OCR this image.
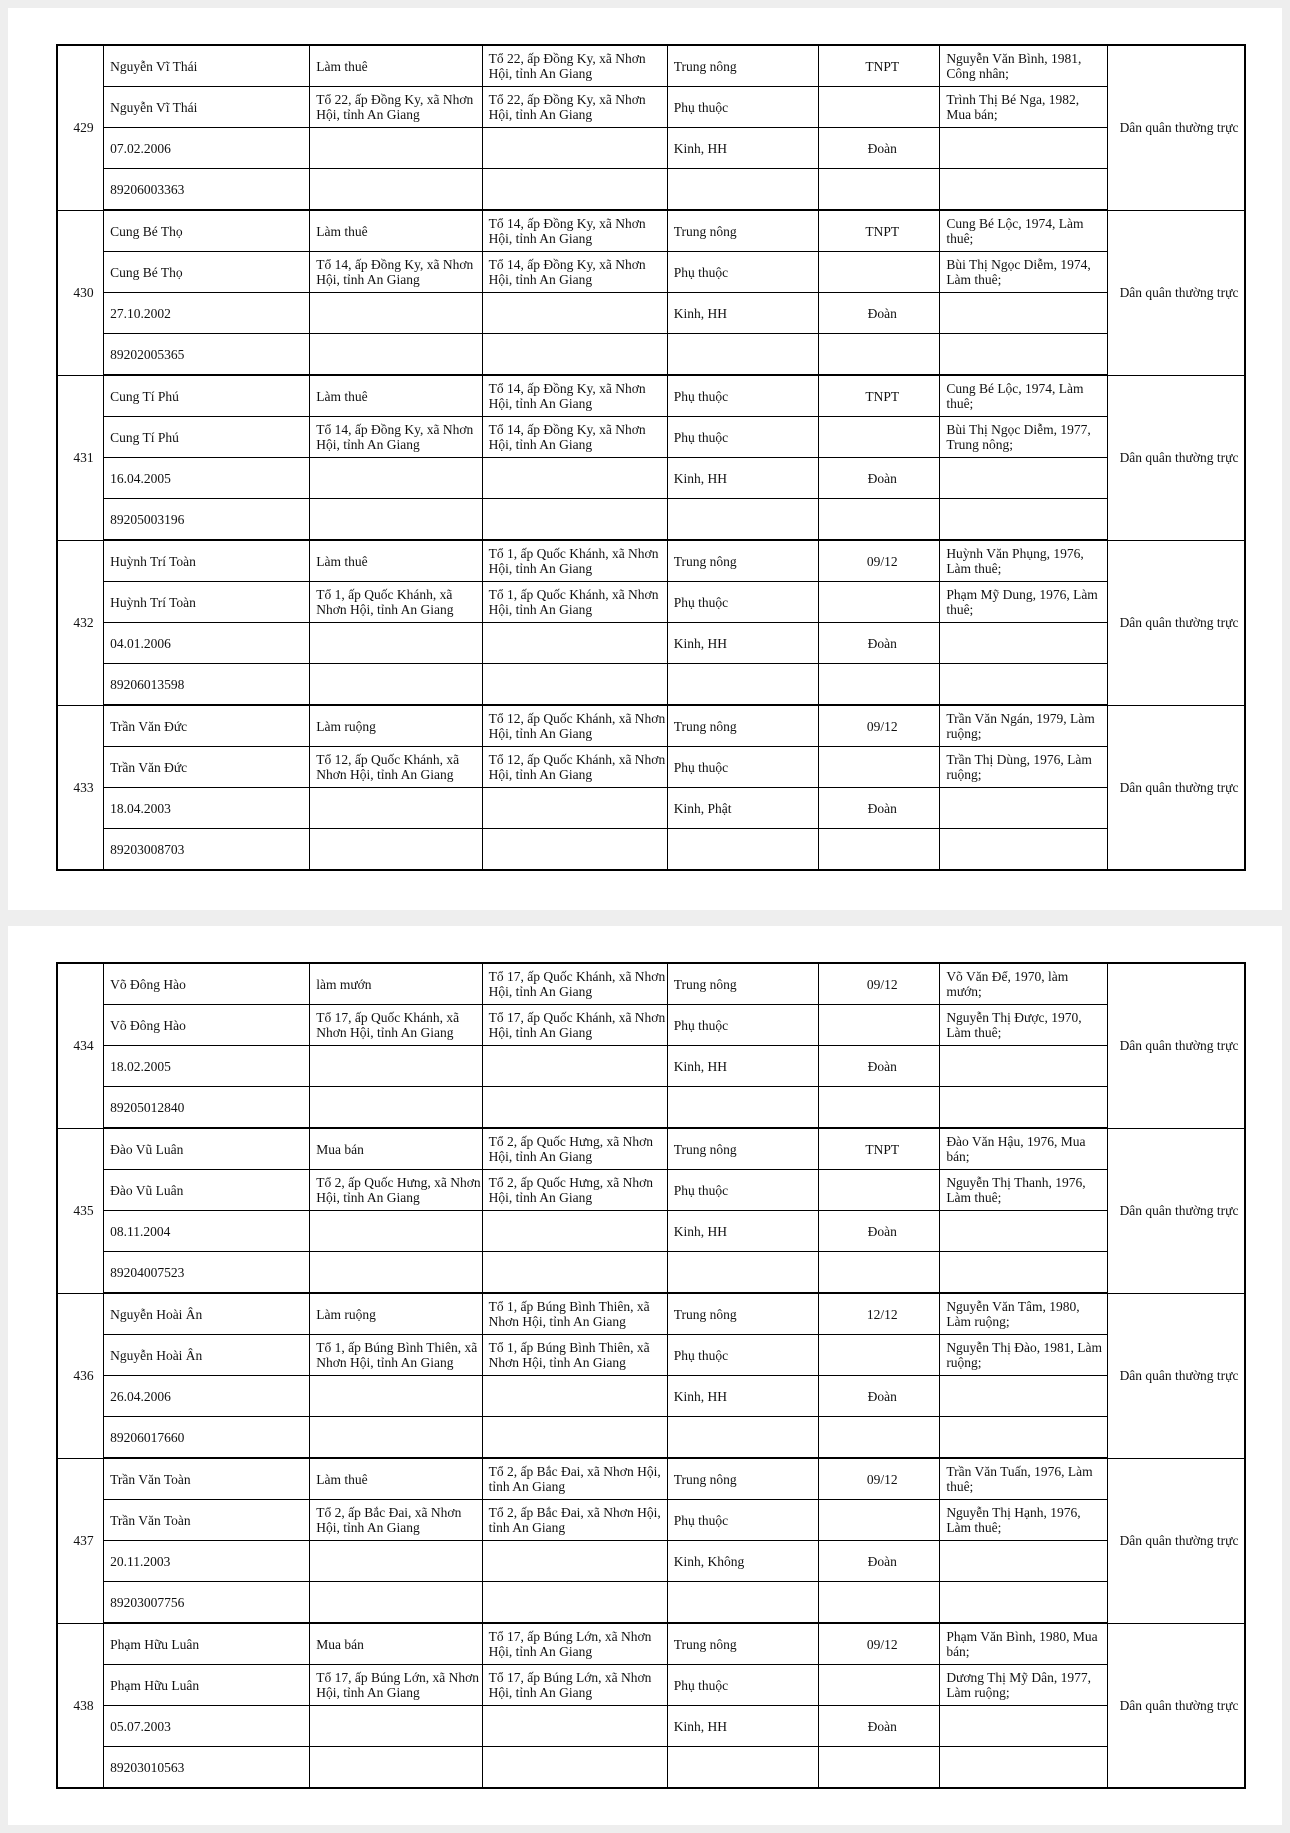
429	Nguyễn Vĩ Thái	Làm thuê	Tổ 22, ấp Đồng Ky, xã Nhơn Hội, tỉnh An Giang	Trung nông	TNPT	Nguyễn Văn Bình, 1981, Công nhân;	Dân quân thường trực
	Nguyễn Vĩ Thái	Tổ 22, ấp Đồng Ky, xã Nhơn Hội, tỉnh An Giang	Tổ 22, ấp Đồng Ky, xã Nhơn Hội, tỉnh An Giang	Phụ thuộc		Trình Thị Bé Nga, 1982, Mua bán;	
	07.02.2006			Kinh, HH	Đoàn		
	89206003363						
430	Cung Bé Thọ	Làm thuê	Tổ 14, ấp Đồng Ky, xã Nhơn Hội, tỉnh An Giang	Trung nông	TNPT	Cung Bé Lộc, 1974, Làm thuê;	Dân quân thường trực
	Cung Bé Thọ	Tổ 14, ấp Đồng Ky, xã Nhơn Hội, tỉnh An Giang	Tổ 14, ấp Đồng Ky, xã Nhơn Hội, tỉnh An Giang	Phụ thuộc		Bùi Thị Ngọc Diễm, 1974, Làm thuê;	
	27.10.2002			Kinh, HH	Đoàn		
	89202005365						
431	Cung Tí Phú	Làm thuê	Tổ 14, ấp Đồng Ky, xã Nhơn Hội, tỉnh An Giang	Phụ thuộc	TNPT	Cung Bé Lộc, 1974, Làm thuê;	Dân quân thường trực
	Cung Tí Phú	Tổ 14, ấp Đồng Ky, xã Nhơn Hội, tỉnh An Giang	Tổ 14, ấp Đồng Ky, xã Nhơn Hội, tỉnh An Giang	Phụ thuộc		Bùi Thị Ngọc Diễm, 1977, Trung nông;	
	16.04.2005			Kinh, HH	Đoàn		
	89205003196						
432	Huỳnh Trí Toàn	Làm thuê	Tổ 1, ấp Quốc Khánh, xã Nhơn Hội, tỉnh An Giang	Trung nông	09/12	Huỳnh Văn Phụng, 1976, Làm thuê;	Dân quân thường trực
	Huỳnh Trí Toàn	Tổ 1, ấp Quốc Khánh, xã Nhơn Hội, tỉnh An Giang	Tổ 1, ấp Quốc Khánh, xã Nhơn Hội, tỉnh An Giang	Phụ thuộc		Phạm Mỹ Dung, 1976, Làm thuê;	
	04.01.2006			Kinh, HH	Đoàn		
	89206013598						
433	Trần Văn Đức	Làm ruộng	Tổ 12, ấp Quốc Khánh, xã Nhơn Hội, tỉnh An Giang	Trung nông	09/12	Trần Văn Ngán, 1979, Làm ruộng;	Dân quân thường trực
	Trần Văn Đức	Tổ 12, ấp Quốc Khánh, xã Nhơn Hội, tỉnh An Giang	Tổ 12, ấp Quốc Khánh, xã Nhơn Hội, tỉnh An Giang	Phụ thuộc		Trần Thị Dùng, 1976, Làm ruộng;	
	18.04.2003			Kinh, Phật	Đoàn		
	89203008703						
434	Võ Đông Hào	làm mướn	Tổ 17, ấp Quốc Khánh, xã Nhơn Hội, tỉnh An Giang	Trung nông	09/12	Võ Văn Để, 1970, làm mướn;	Dân quân thường trực
	Võ Đông Hào	Tổ 17, ấp Quốc Khánh, xã Nhơn Hội, tỉnh An Giang	Tổ 17, ấp Quốc Khánh, xã Nhơn Hội, tỉnh An Giang	Phụ thuộc		Nguyễn Thị Được, 1970, Làm thuê;	
	18.02.2005			Kinh, HH	Đoàn		
	89205012840						
435	Đào Vũ Luân	Mua bán	Tổ 2, ấp Quốc Hưng, xã Nhơn Hội, tỉnh An Giang	Trung nông	TNPT	Đào Văn Hậu, 1976, Mua bán;	Dân quân thường trực
	Đào Vũ Luân	Tổ 2, ấp Quốc Hưng, xã Nhơn Hội, tỉnh An Giang	Tổ 2, ấp Quốc Hưng, xã Nhơn Hội, tỉnh An Giang	Phụ thuộc		Nguyễn Thị Thanh, 1976, Làm thuê;	
	08.11.2004			Kinh, HH	Đoàn		
	89204007523						
436	Nguyễn Hoài Ân	Làm ruộng	Tổ 1, ấp Búng Bình Thiên, xã Nhơn Hội, tỉnh An Giang	Trung nông	12/12	Nguyễn Văn Tâm, 1980, Làm ruộng;	Dân quân thường trực
	Nguyễn Hoài Ân	Tổ 1, ấp Búng Bình Thiên, xã Nhơn Hội, tỉnh An Giang	Tổ 1, ấp Búng Bình Thiên, xã Nhơn Hội, tỉnh An Giang	Phụ thuộc		Nguyễn Thị Đào, 1981, Làm ruộng;	
	26.04.2006			Kinh, HH	Đoàn		
	89206017660						
437	Trần Văn Toàn	Làm thuê	Tổ 2, ấp Bắc Đai, xã Nhơn Hội, tỉnh An Giang	Trung nông	09/12	Trần Văn Tuấn, 1976, Làm thuê;	Dân quân thường trực
	Trần Văn Toàn	Tổ 2, ấp Bắc Đai, xã Nhơn Hội, tỉnh An Giang	Tổ 2, ấp Bắc Đai, xã Nhơn Hội, tỉnh An Giang	Phụ thuộc		Nguyễn Thị Hạnh, 1976, Làm thuê;	
	20.11.2003			Kinh, Không	Đoàn		
	89203007756						
438	Phạm Hữu Luân	Mua bán	Tổ 17, ấp Búng Lớn, xã Nhơn Hội, tỉnh An Giang	Trung nông	09/12	Phạm Văn Bình, 1980, Mua bán;	Dân quân thường trực
	Phạm Hữu Luân	Tổ 17, ấp Búng Lớn, xã Nhơn Hội, tỉnh An Giang	Tổ 17, ấp Búng Lớn, xã Nhơn Hội, tỉnh An Giang	Phụ thuộc		Dương Thị Mỹ Dân, 1977, Làm ruộng;	
	05.07.2003			Kinh, HH	Đoàn		
	89203010563						
